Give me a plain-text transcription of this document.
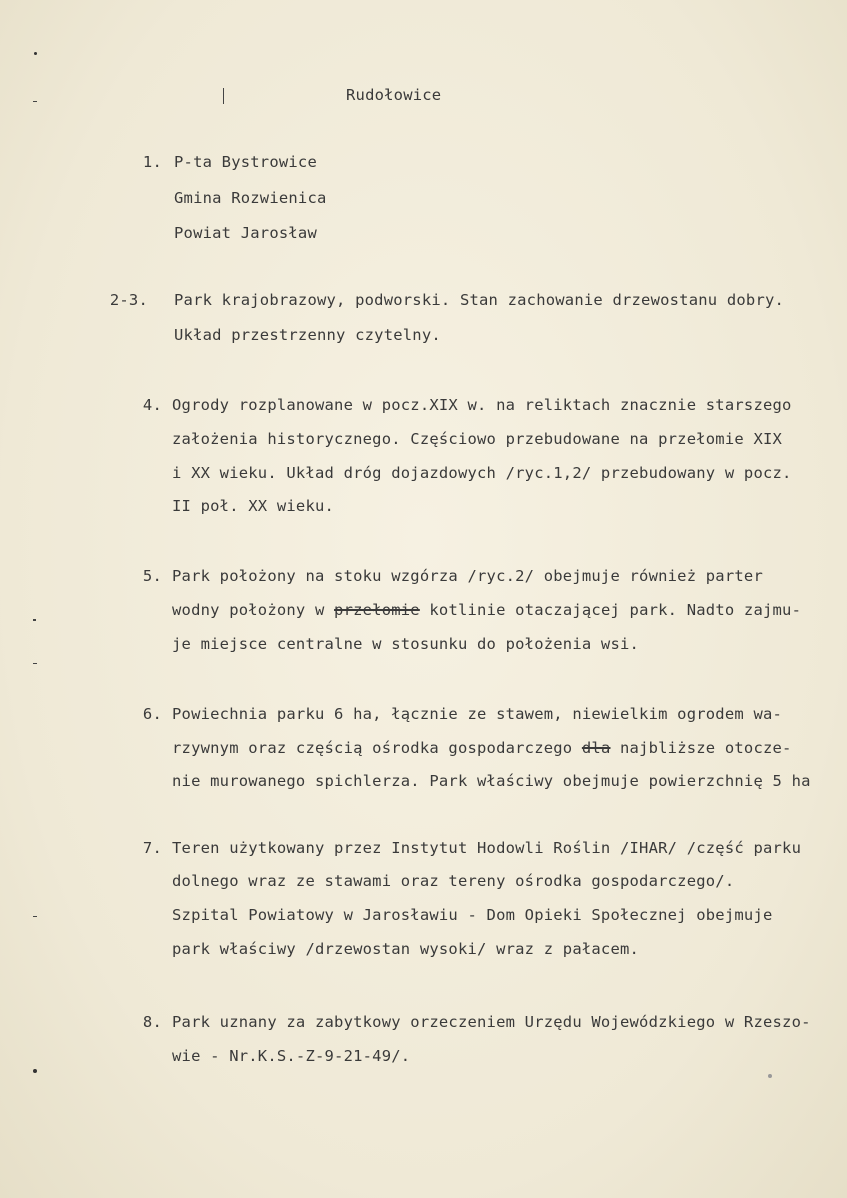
Rudołowice
1. P-ta Bystrowice
Gmina Rozwienica
Powiat Jarosław
2-3. Park krajobrazowy, podworski. Stan zachowanie drzewostanu dobry.
Układ przestrzenny czytelny.
4. Ogrody rozplanowane w pocz.XIX w. na reliktach znacznie starszego
założenia historycznego. Częściowo przebudowane na przełomie XIX
i XX wieku. Układ dróg dojazdowych /ryc.1,2/ przebudowany w pocz.
II poł. XX wieku.
5. Park położony na stoku wzgórza /ryc.2/ obejmuje również parter
wodny położony w przełomie kotlinie otaczającej park. Nadto zajmu-
je miejsce centralne w stosunku do położenia wsi.
6. Powiechnia parku 6 ha, łącznie ze stawem, niewielkim ogrodem wa-
rzywnym oraz częścią ośrodka gospodarczego dla najbliższe otocze-
nie murowanego spichlerza. Park właściwy obejmuje powierzchnię 5 ha
7. Teren użytkowany przez Instytut Hodowli Roślin /IHAR/ /część parku
dolnego wraz ze stawami oraz tereny ośrodka gospodarczego/.
Szpital Powiatowy w Jarosławiu - Dom Opieki Społecznej obejmuje
park właściwy /drzewostan wysoki/ wraz z pałacem.
8. Park uznany za zabytkowy orzeczeniem Urzędu Wojewódzkiego w Rzeszo-
wie - Nr.K.S.-Z-9-21-49/.
